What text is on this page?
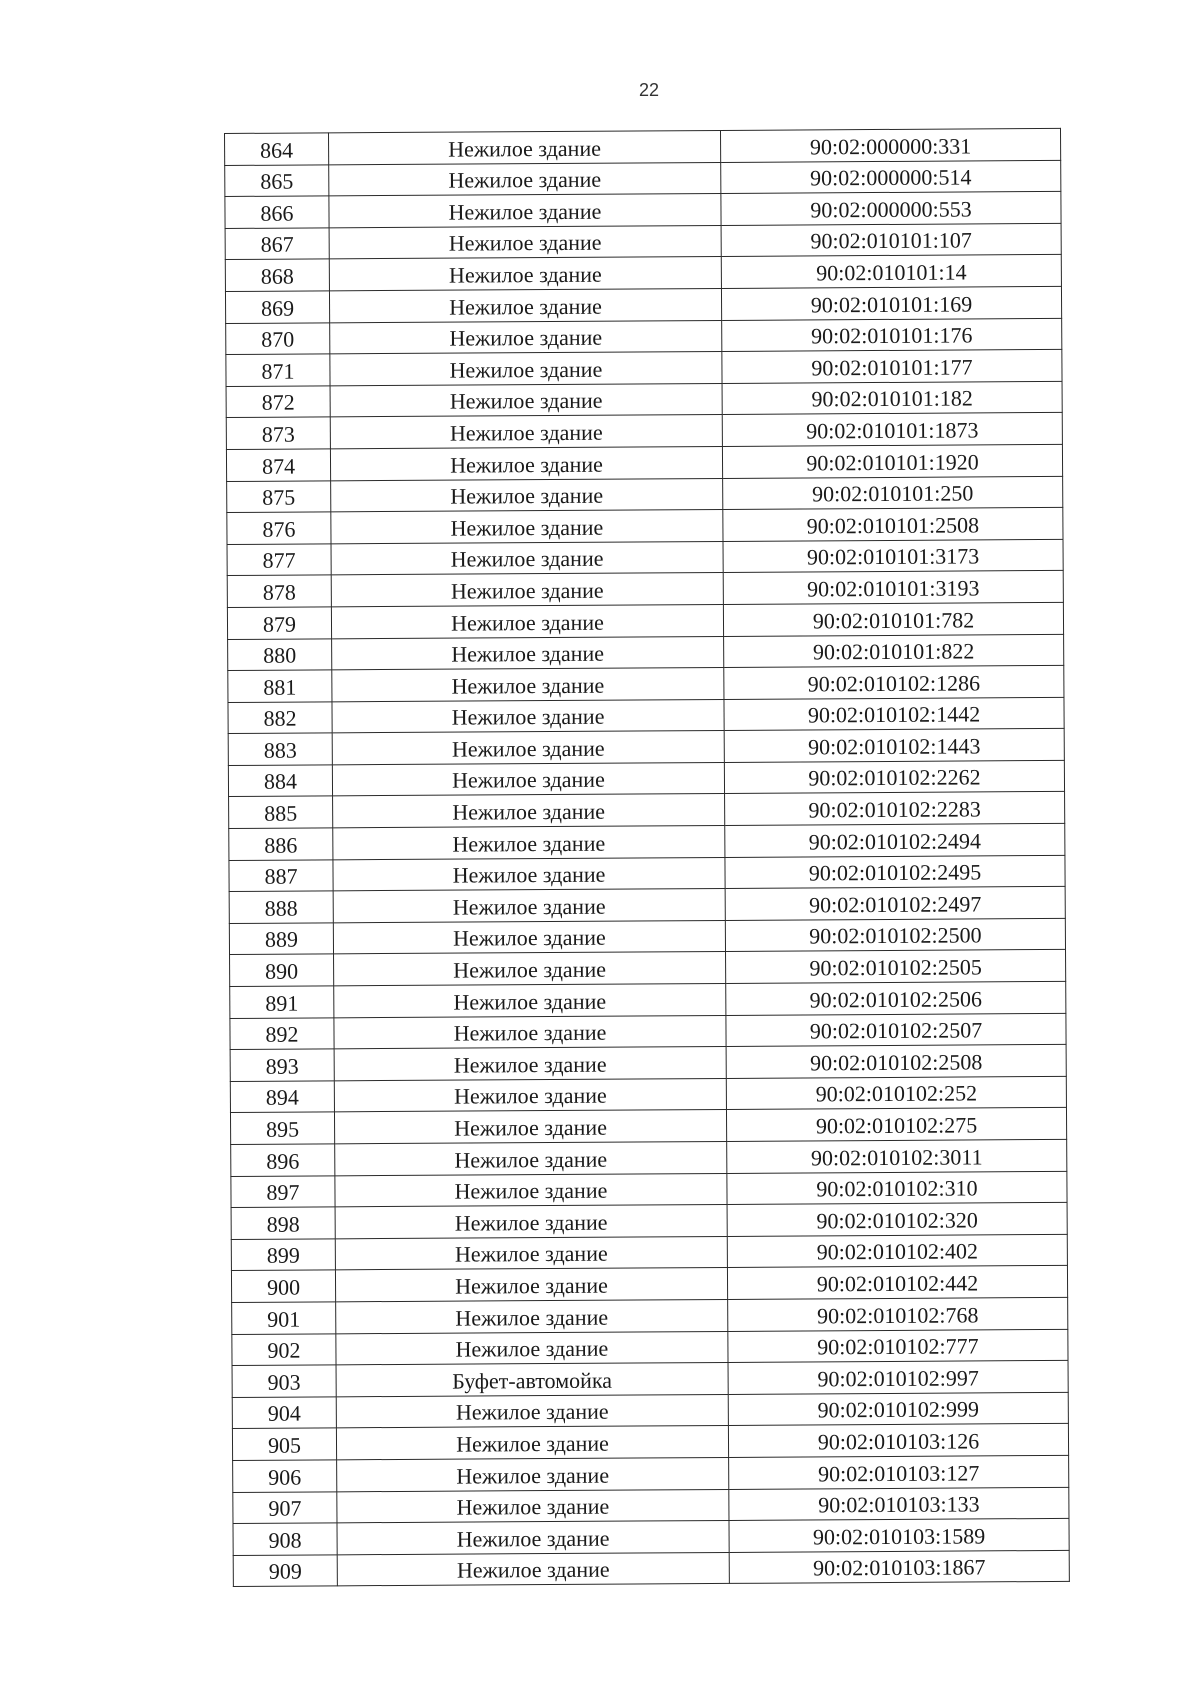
22
864	Нежилое здание	90:02:000000:331
865	Нежилое здание	90:02:000000:514
866	Нежилое здание	90:02:000000:553
867	Нежилое здание	90:02:010101:107
868	Нежилое здание	90:02:010101:14
869	Нежилое здание	90:02:010101:169
870	Нежилое здание	90:02:010101:176
871	Нежилое здание	90:02:010101:177
872	Нежилое здание	90:02:010101:182
873	Нежилое здание	90:02:010101:1873
874	Нежилое здание	90:02:010101:1920
875	Нежилое здание	90:02:010101:250
876	Нежилое здание	90:02:010101:2508
877	Нежилое здание	90:02:010101:3173
878	Нежилое здание	90:02:010101:3193
879	Нежилое здание	90:02:010101:782
880	Нежилое здание	90:02:010101:822
881	Нежилое здание	90:02:010102:1286
882	Нежилое здание	90:02:010102:1442
883	Нежилое здание	90:02:010102:1443
884	Нежилое здание	90:02:010102:2262
885	Нежилое здание	90:02:010102:2283
886	Нежилое здание	90:02:010102:2494
887	Нежилое здание	90:02:010102:2495
888	Нежилое здание	90:02:010102:2497
889	Нежилое здание	90:02:010102:2500
890	Нежилое здание	90:02:010102:2505
891	Нежилое здание	90:02:010102:2506
892	Нежилое здание	90:02:010102:2507
893	Нежилое здание	90:02:010102:2508
894	Нежилое здание	90:02:010102:252
895	Нежилое здание	90:02:010102:275
896	Нежилое здание	90:02:010102:3011
897	Нежилое здание	90:02:010102:310
898	Нежилое здание	90:02:010102:320
899	Нежилое здание	90:02:010102:402
900	Нежилое здание	90:02:010102:442
901	Нежилое здание	90:02:010102:768
902	Нежилое здание	90:02:010102:777
903	Буфет-автомойка	90:02:010102:997
904	Нежилое здание	90:02:010102:999
905	Нежилое здание	90:02:010103:126
906	Нежилое здание	90:02:010103:127
907	Нежилое здание	90:02:010103:133
908	Нежилое здание	90:02:010103:1589
909	Нежилое здание	90:02:010103:1867
